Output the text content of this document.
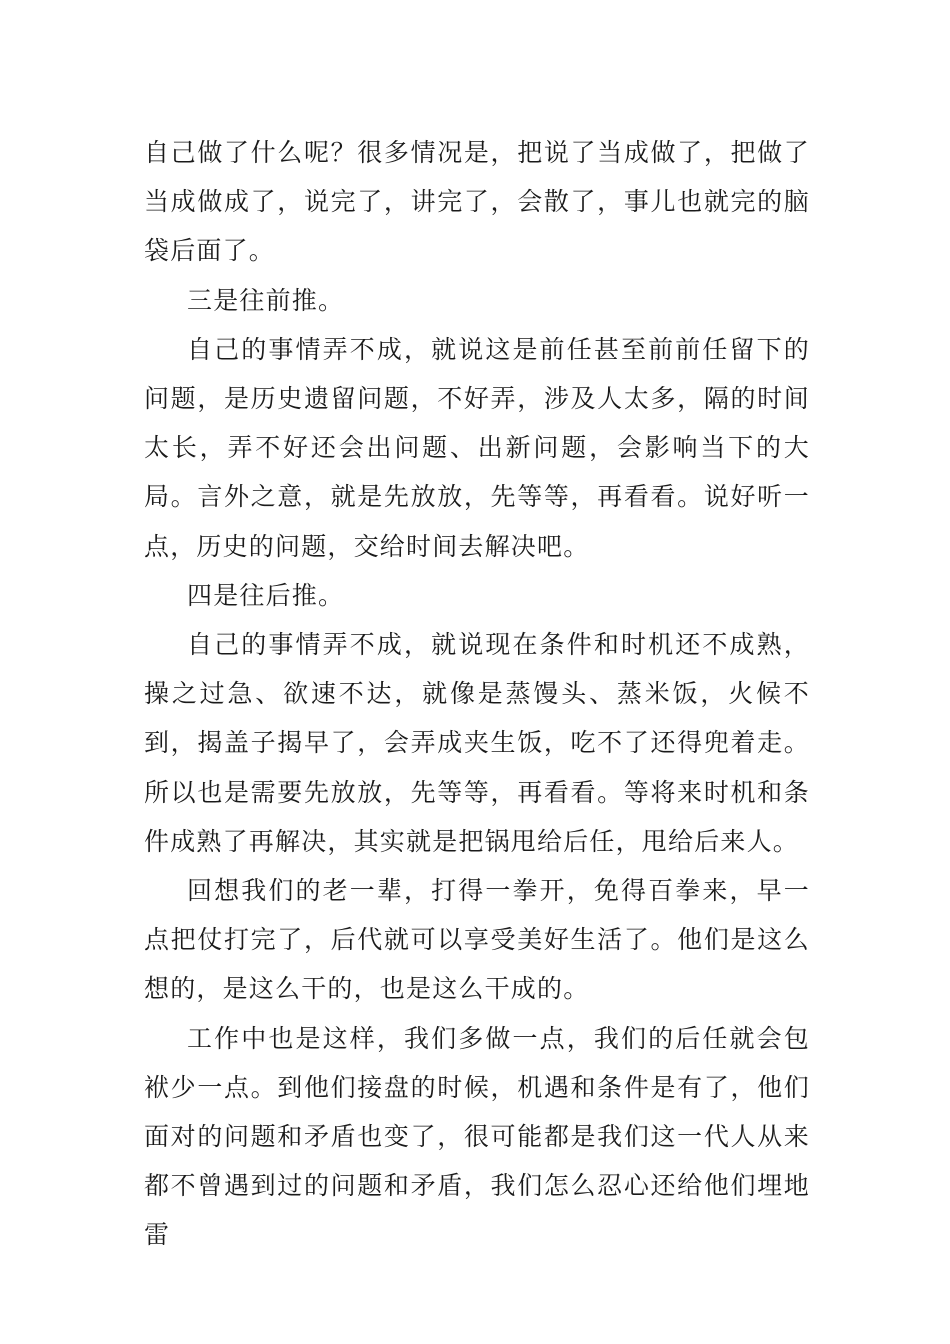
自己做了什么呢？很多情况是，把说了当成做了，把做了当成做成了，说完了，讲完了，会散了，事儿也就完的脑袋后面了。

三是往前推。

自己的事情弄不成，就说这是前任甚至前前任留下的问题，是历史遗留问题，不好弄，涉及人太多，隔的时间太长，弄不好还会出问题、出新问题，会影响当下的大局。言外之意，就是先放放，先等等，再看看。说好听一点，历史的问题，交给时间去解决吧。

四是往后推。

自己的事情弄不成，就说现在条件和时机还不成熟，操之过急、欲速不达，就像是蒸馒头、蒸米饭，火候不到，揭盖子揭早了，会弄成夹生饭，吃不了还得兜着走。所以也是需要先放放，先等等，再看看。等将来时机和条件成熟了再解决，其实就是把锅甩给后任，甩给后来人。

回想我们的老一辈，打得一拳开，免得百拳来，早一点把仗打完了，后代就可以享受美好生活了。他们是这么想的，是这么干的，也是这么干成的。

工作中也是这样，我们多做一点，我们的后任就会包袱少一点。到他们接盘的时候，机遇和条件是有了，他们面对的问题和矛盾也变了，很可能都是我们这一代人从来都不曾遇到过的问题和矛盾，我们怎么忍心还给他们埋地雷
